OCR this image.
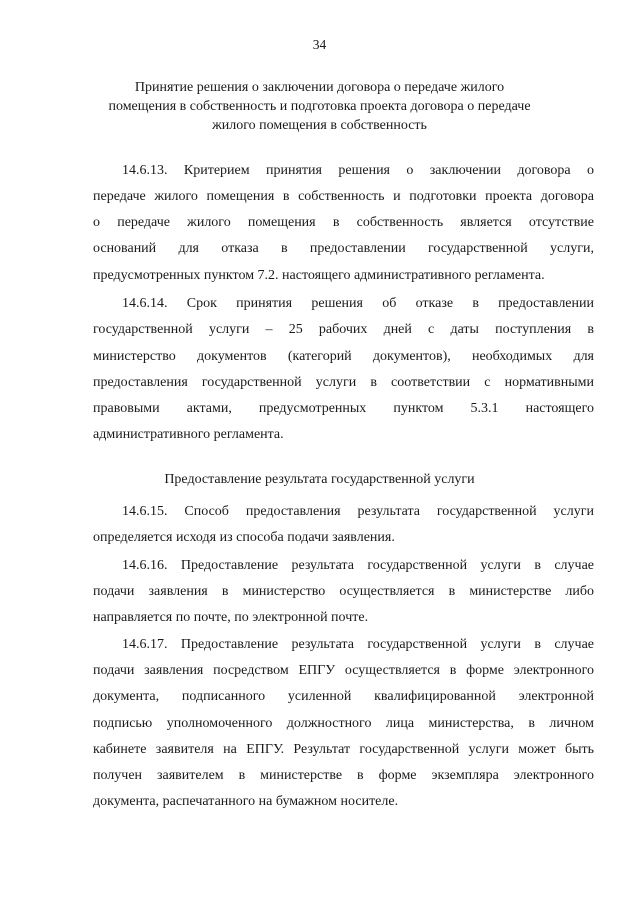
34
Принятие решения о заключении договора о передаче жилого
помещения в собственность и подготовка проекта договора о передаче
жилого помещения в собственность
14.6.13. Критерием принятия решения о заключении договора о
передаче жилого помещения в собственность и подготовки проекта договора
о передаче жилого помещения в собственность является отсутствие
оснований для отказа в предоставлении государственной услуги,
предусмотренных пунктом 7.2. настоящего административного регламента.
14.6.14. Срок принятия решения об отказе в предоставлении
государственной услуги – 25 рабочих дней с даты поступления в
министерство документов (категорий документов), необходимых для
предоставления государственной услуги в соответствии с нормативными
правовыми актами, предусмотренных пунктом 5.3.1 настоящего
административного регламента.
Предоставление результата государственной услуги
14.6.15. Способ предоставления результата государственной услуги
определяется исходя из способа подачи заявления.
14.6.16. Предоставление результата государственной услуги в случае
подачи заявления в министерство осуществляется в министерстве либо
направляется по почте, по электронной почте.
14.6.17. Предоставление результата государственной услуги в случае
подачи заявления посредством ЕПГУ осуществляется в форме электронного
документа, подписанного усиленной квалифицированной электронной
подписью уполномоченного должностного лица министерства, в личном
кабинете заявителя на ЕПГУ. Результат государственной услуги может быть
получен заявителем в министерстве в форме экземпляра электронного
документа, распечатанного на бумажном носителе.
